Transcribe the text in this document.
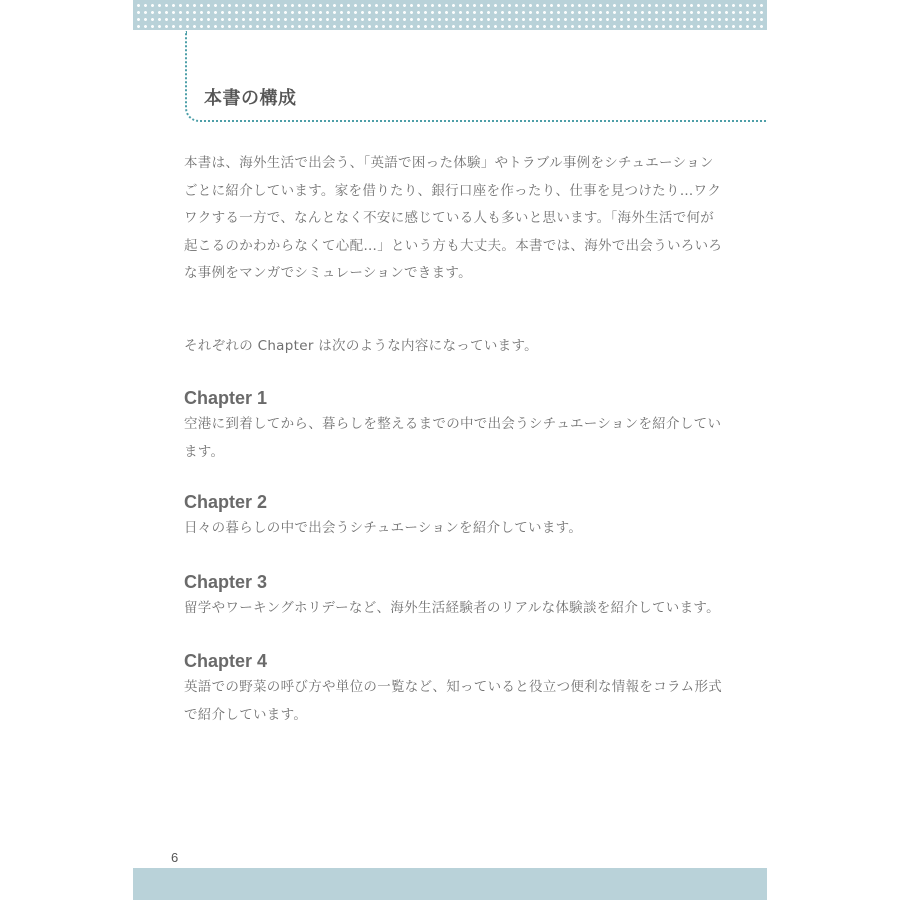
本書の構成

本書は、海外生活で出会う、「英語で困った体験」やトラブル事例をシチュエーションごとに紹介しています。家を借りたり、銀行口座を作ったり、仕事を見つけたり…ワクワクする一方で、なんとなく不安に感じている人も多いと思います。「海外生活で何が起こるのかわからなくて心配…」という方も大丈夫。本書では、海外で出会ういろいろな事例をマンガでシミュレーションできます。

それぞれの Chapter は次のような内容になっています。

Chapter 1

空港に到着してから、暮らしを整えるまでの中で出会うシチュエーションを紹介しています。

Chapter 2

日々の暮らしの中で出会うシチュエーションを紹介しています。

Chapter 3

留学やワーキングホリデーなど、海外生活経験者のリアルな体験談を紹介しています。

Chapter 4

英語での野菜の呼び方や単位の一覧など、知っていると役立つ便利な情報をコラム形式で紹介しています。

6
